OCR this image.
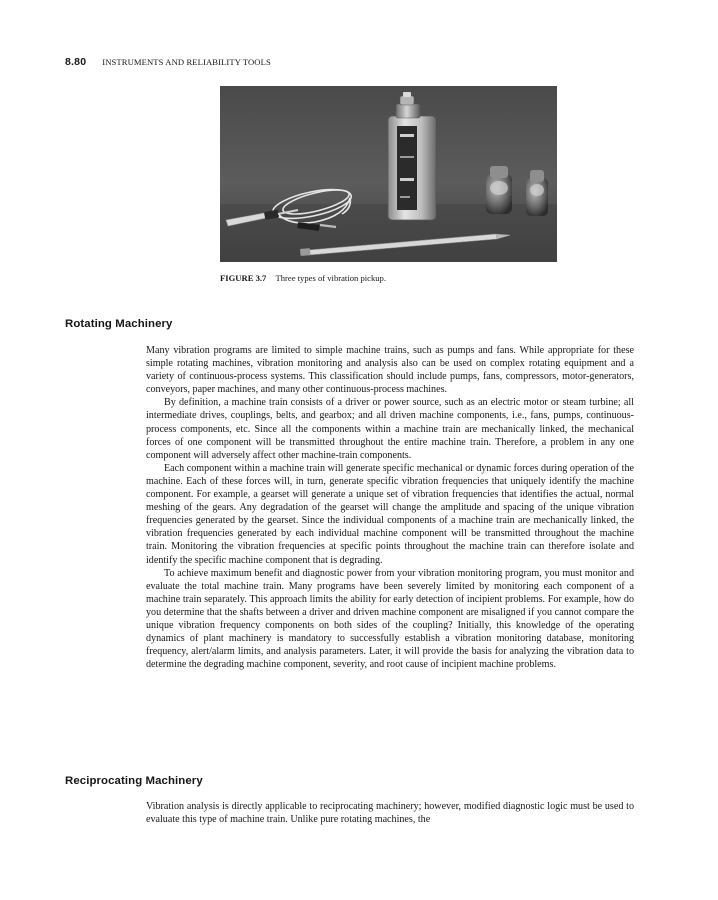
8.80 INSTRUMENTS AND RELIABILITY TOOLS
FIGURE 3.7 Three types of vibration pickup.
Rotating Machinery

Many vibration programs are limited to simple machine trains, such as pumps and fans. While appropriate for these simple rotating machines, vibration monitoring and analysis also can be used on complex rotating equipment and a variety of continuous-process systems. This classification should include pumps, fans, compressors, motor-generators, conveyors, paper machines, and many other continuous-process machines.

By definition, a machine train consists of a driver or power source, such as an electric motor or steam turbine; all intermediate drives, couplings, belts, and gearbox; and all driven machine components, i.e., fans, pumps, continuous-process components, etc. Since all the components within a machine train are mechanically linked, the mechanical forces of one component will be transmitted throughout the entire machine train. Therefore, a problem in any one component will adversely affect other machine-train components.

Each component within a machine train will generate specific mechanical or dynamic forces during operation of the machine. Each of these forces will, in turn, generate specific vibration frequencies that uniquely identify the machine component. For example, a gearset will generate a unique set of vibration frequencies that identifies the actual, normal meshing of the gears. Any degradation of the gearset will change the amplitude and spacing of the unique vibration frequencies generated by the gearset. Since the individual components of a machine train are mechanically linked, the vibration frequencies generated by each individual machine component will be transmitted throughout the machine train. Monitoring the vibration frequencies at specific points throughout the machine train can therefore isolate and identify the specific machine component that is degrading.

To achieve maximum benefit and diagnostic power from your vibration monitoring program, you must monitor and evaluate the total machine train. Many programs have been severely limited by monitoring each component of a machine train separately. This approach limits the ability for early detection of incipient problems. For example, how do you determine that the shafts between a driver and driven machine component are misaligned if you cannot compare the unique vibration frequency components on both sides of the coupling? Initially, this knowledge of the operating dynamics of plant machinery is mandatory to successfully establish a vibration monitoring database, monitoring frequency, alert/alarm limits, and analysis parameters. Later, it will provide the basis for analyzing the vibration data to determine the degrading machine component, severity, and root cause of incipient machine problems.

Reciprocating Machinery

Vibration analysis is directly applicable to reciprocating machinery; however, modified diagnostic logic must be used to evaluate this type of machine train. Unlike pure rotating machines, the
